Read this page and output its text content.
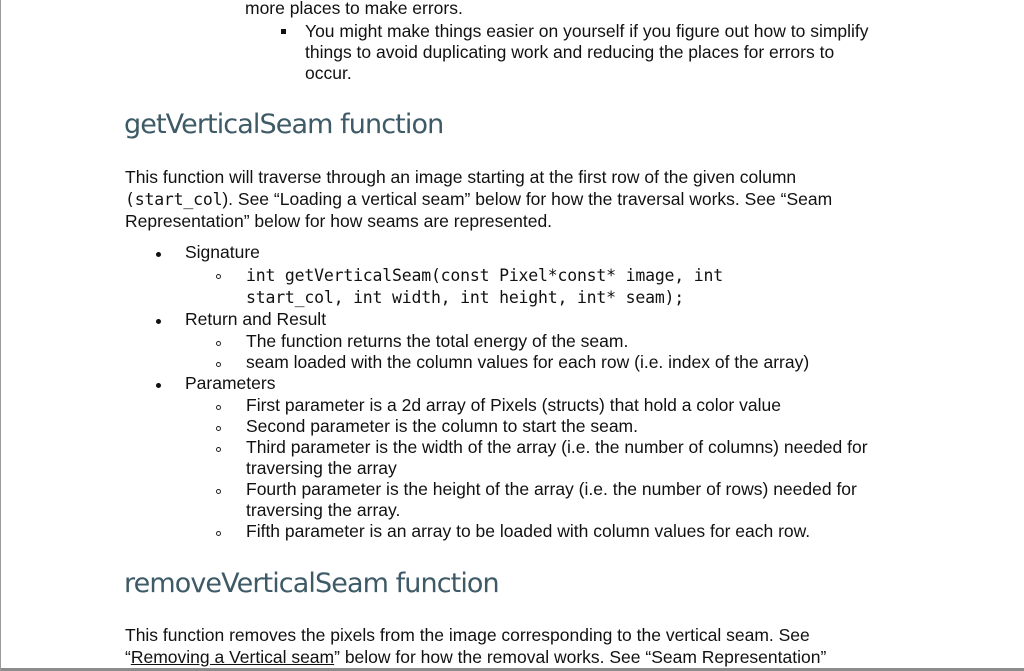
more places to make errors.
You might make things easier on yourself if you figure out how to simplify
things to avoid duplicating work and reducing the places for errors to
occur.
getVerticalSeam function
This function will traverse through an image starting at the first row of the given column
(start_col). See “Loading a vertical seam” below for how the traversal works. See “Seam
Representation” below for how seams are represented.
Signature
int getVerticalSeam(const Pixel*const* image, int
start_col, int width, int height, int* seam);
Return and Result
The function returns the total energy of the seam.
seam loaded with the column values for each row (i.e. index of the array)
Parameters
First parameter is a 2d array of Pixels (structs) that hold a color value
Second parameter is the column to start the seam.
Third parameter is the width of the array (i.e. the number of columns) needed for
traversing the array
Fourth parameter is the height of the array (i.e. the number of rows) needed for
traversing the array.
Fifth parameter is an array to be loaded with column values for each row.
removeVerticalSeam function
This function removes the pixels from the image corresponding to the vertical seam. See
“Removing a Vertical seam” below for how the removal works. See “Seam Representation”
